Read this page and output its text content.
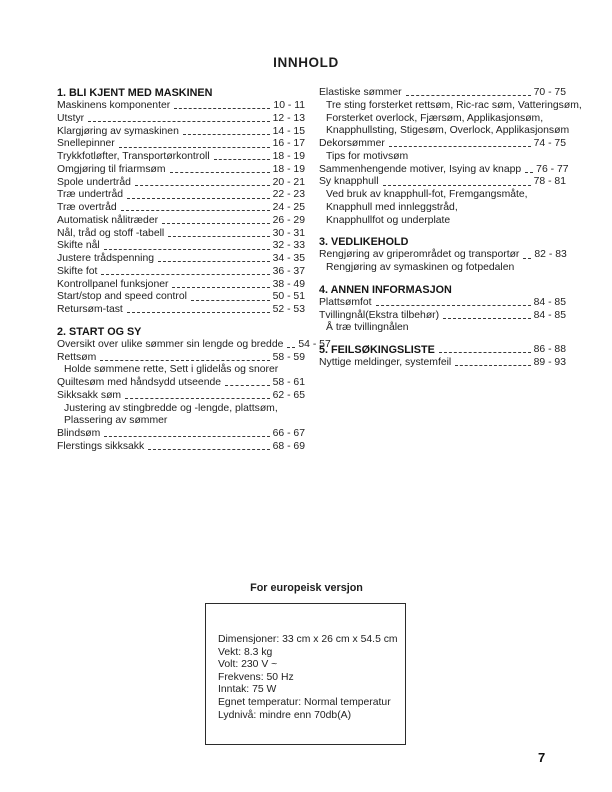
INNHOLD
1. BLI KJENT MED MASKINEN
Maskinens komponenter	10 - 11
Utstyr	12 - 13
Klargjøring av symaskinen	14 - 15
Snellepinner	16 - 17
Trykkfotløfter, Transportørkontroll	18 - 19
Omgjøring til friarmsøm	18 - 19
Spole undertråd	20 - 21
Træ undertråd	22 - 23
Træ overtråd	24 - 25
Automatisk nålitræder	26 - 29
Nål, tråd og stoff -tabell	30 - 31
Skifte nål	32 - 33
Justere trådspenning	34 - 35
Skifte fot	36 - 37
Kontrollpanel funksjoner	38 - 49
Start/stop and speed control	50 - 51
Retursøm-tast	52 - 53
2. START OG SY
Oversikt over ulike sømmer sin lengde og bredde 54 - 57
Rettsøm	58 - 59
Holde sømmene rette, Sett i glidelås og snorer
Quiltesøm med håndsydd utseende	58 - 61
Sikksakk søm	62 - 65
Justering av stingbredde og -lengde, plattsøm,
Plassering av sømmer
Blindsøm	66 - 67
Flerstings sikksakk	68 - 69
Elastiske sømmer	70 - 75
Tre sting forsterket rettsøm, Ric-rac søm, Vatteringsøm,
Forsterket overlock, Fjærsøm, Applikasjonsøm,
Knapphullsting, Stigesøm, Overlock, Applikasjonsøm
Dekorsømmer	74 - 75
Tips for motivsøm
Sammenhengende motiver, Isying av knapp 76 - 77
Sy knapphull	78 - 81
Ved bruk av knapphull-fot, Fremgangsmåte,
Knapphull med innleggstråd,
Knapphullfot og underplate
3. VEDLIKEHOLD
Rengjøring av griperområdet og transportør 82 - 83
Rengjøring av symaskinen og fotpedalen
4. ANNEN INFORMASJON
Plattsømfot	84 - 85
Tvillingnål(Ekstra tilbehør)	84 - 85
Å træ tvillingnålen
5. FEILSØKINGSLISTE	86 - 88
Nyttige meldinger, systemfeil	89 - 93
For europeisk versjon
Dimensjoner: 33 cm x 26 cm x 54.5 cm
Vekt: 8.3 kg
Volt: 230 V ~
Frekvens: 50 Hz
Inntak: 75 W
Egnet temperatur: Normal temperatur
Lydnivå: mindre enn 70db(A)
7
